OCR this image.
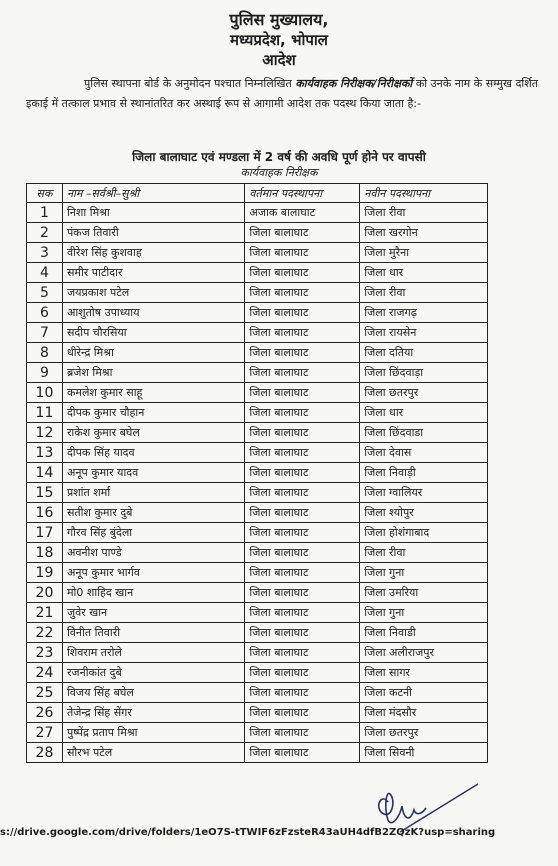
पुलिस मुख्यालय,
मध्यप्रदेश, भोपाल
आदेश
पुलिस स्थापना बोर्ड के अनुमोदन पश्चात निम्नलिखित कार्यवाहक निरीक्षक/निरीक्षकों को उनके नाम के सम्मुख दर्शित इकाई में तत्काल प्रभाव से स्थानांतरित कर अस्थाई रूप से आगामी आदेश तक पदस्थ किया जाता है:-
जिला बालाघाट एवं मण्डला में 2 वर्ष की अवधि पूर्ण होने पर वापसी
कार्यवाहक निरीक्षक
सक	नाम –सर्वश्री–सुश्री	वर्तमान पदस्थापना	नवीन पदस्थापना
1	निशा मिश्रा	अजाक बालाघाट	जिला रीवा
2	पंकज तिवारी	जिला बालाघाट	जिला खरगोन
3	वीरेश सिंह कुशवाह	जिला बालाघाट	जिला मुरैना
4	समीर पाटीदार	जिला बालाघाट	जिला धार
5	जयप्रकाश पटेल	जिला बालाघाट	जिला रीवा
6	आशुतोष उपाध्याय	जिला बालाघाट	जिला राजगढ़
7	सदीप चौरसिया	जिला बालाघाट	जिला रायसेन
8	धीरेन्द्र मिश्रा	जिला बालाघाट	जिला दतिया
9	ब्रजेश मिश्रा	जिला बालाघाट	जिला छिंदवाड़ा
10	कमलेश कुमार साहू	जिला बालाघाट	जिला छतरपुर
11	दीपक कुमार चौहान	जिला बालाघाट	जिला धार
12	राकेश कुमार बघेल	जिला बालाघाट	जिला छिंदवाडा
13	दीपक सिंह यादव	जिला बालाघाट	जिला देवास
14	अनूप कुमार यादव	जिला बालाघाट	जिला निवाड़ी
15	प्रशांत शर्मा	जिला बालाघाट	जिला ग्वालियर
16	सतीश कुमार दुबे	जिला बालाघाट	जिला श्योपुर
17	गौरव सिंह बुंदेला	जिला बालाघाट	जिला होशंगाबाद
18	अवनीश पाण्डे	जिला बालाघाट	जिला रीवा
19	अनूप कुमार भार्गव	जिला बालाघाट	जिला गुना
20	मो0 शाहिद खान	जिला बालाघाट	जिला उमरिया
21	जुवेर खान	जिला बालाघाट	जिला गुना
22	विनीत तिवारी	जिला बालाघाट	जिला निवाडी
23	शिवराम तरोले	जिला बालाघाट	जिला अलीराजपुर
24	रजनीकांत दुबे	जिला बालाघाट	जिला सागर
25	विजय सिंह बघेल	जिला बालाघाट	जिला कटनी
26	तेजेन्द्र सिंह सेंगर	जिला बालाघाट	जिला मंदसौर
27	पुष्पेंद्र प्रताप मिश्रा	जिला बालाघाट	जिला छतरपुर
28	सौरभ पटेल	जिला बालाघाट	जिला सिवनी
s://drive.google.com/drive/folders/1eO7S-tTWIF6zFzsteR43aUH4dfB2ZQzK?usp=sharing
